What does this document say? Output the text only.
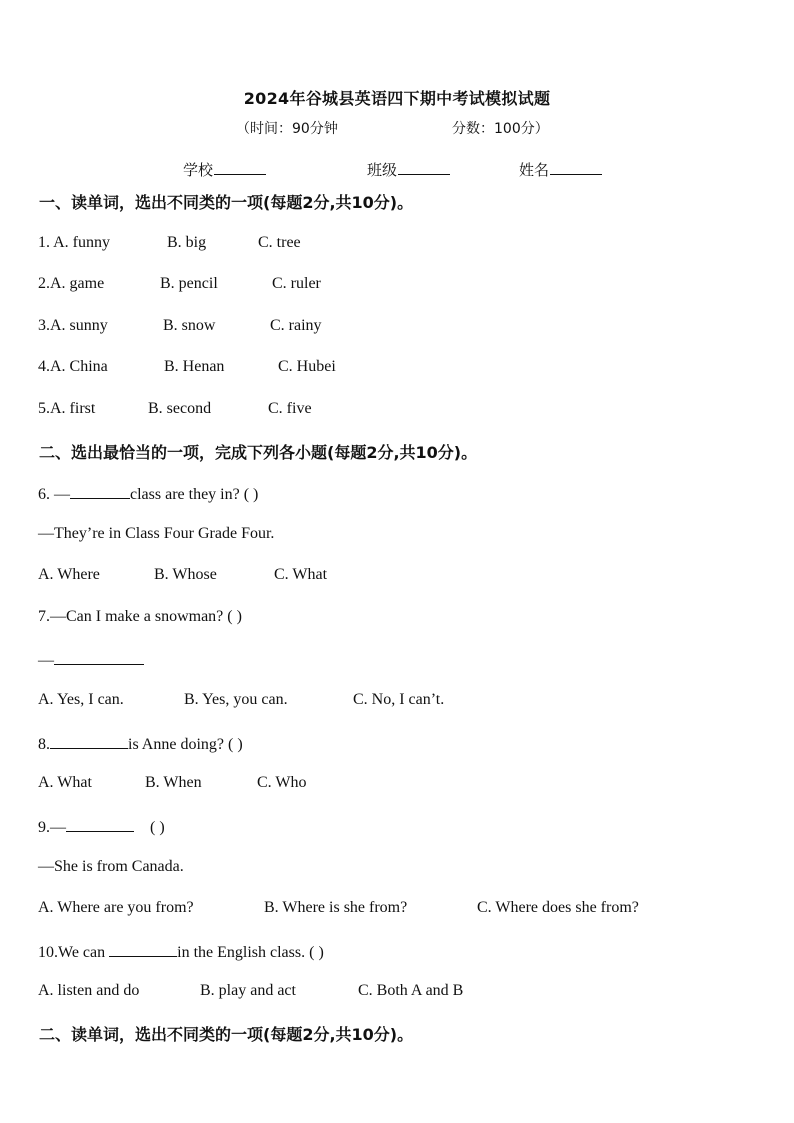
2024年谷城县英语四下期中考试模拟试题
（时间：90分钟	分数：100分）
学校	班级	姓名
一、读单词，选出不同类的一项(每题2分,共10分)。
1. A. funny	B. big	C. tree
2.A. game	B. pencil	C. ruler
3.A. sunny	B. snow	C. rainy
4.A. China	B. Henan	C. Hubei
5.A. first	B. second	C. five
二、选出最恰当的一项，完成下列各小题(每题2分,共10分)。
6. —	class are they in? ( )
—They’re in Class Four Grade Four.
A. Where	B. Whose	C. What
7.—Can I make a snowman? ( )
—
A. Yes, I can.	B. Yes, you can.	C. No, I can’t.
8.	is Anne doing? ( )
A. What	B. When	C. Who
9.—	( )
—She is from Canada.
A. Where are you from?	B. Where is she from?	C. Where does she from?
10.We can	in the English class. ( )
A. listen and do	B. play and act	C. Both A and B
二、读单词，选出不同类的一项(每题2分,共10分)。
